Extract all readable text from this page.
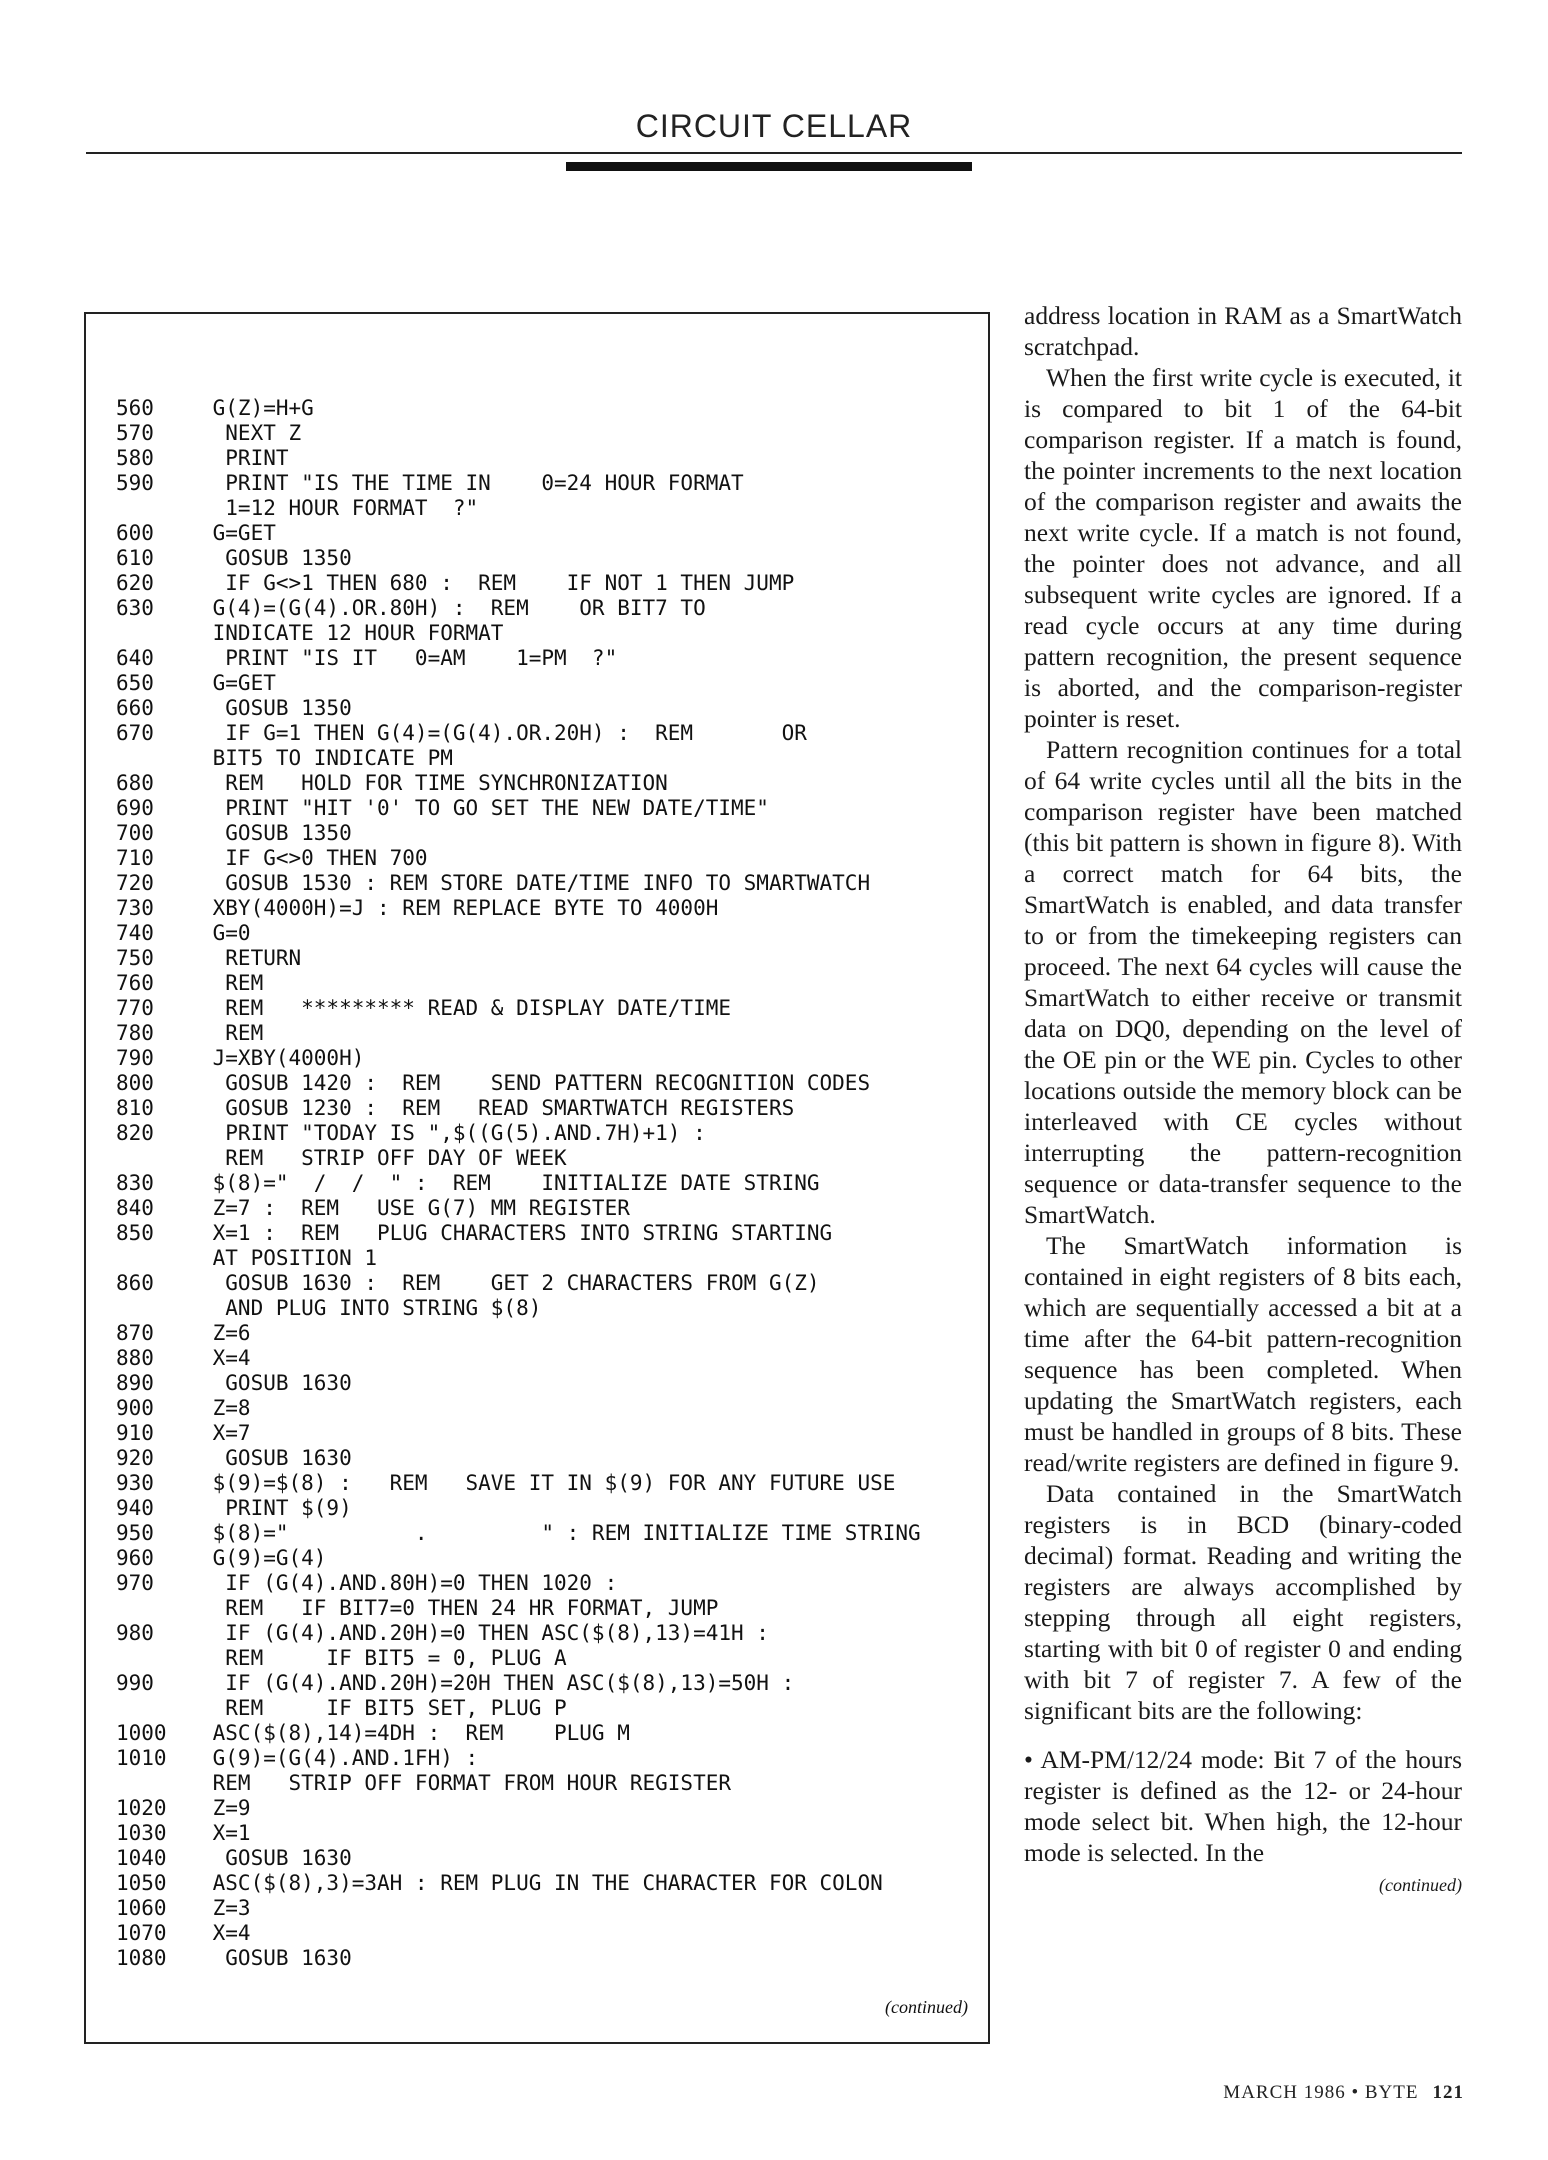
CIRCUIT CELLAR
560	G(Z)=H+G
570	NEXT Z
580	PRINT
590	PRINT "IS THE TIME IN    0=24 HOUR FORMAT
1=12 HOUR FORMAT  ?"
600	G=GET
610	GOSUB 1350
620	IF G<>1 THEN 680 :  REM    IF NOT 1 THEN JUMP
630	G(4)=(G(4).OR.80H) :  REM    OR BIT7 TO
INDICATE 12 HOUR FORMAT
640	PRINT "IS IT   0=AM    1=PM  ?"
650	G=GET
660	GOSUB 1350
670	IF G=1 THEN G(4)=(G(4).OR.20H) :  REM       OR
BIT5 TO INDICATE PM
680	REM   HOLD FOR TIME SYNCHRONIZATION
690	PRINT "HIT '0' TO GO SET THE NEW DATE/TIME"
700	GOSUB 1350
710	IF G<>0 THEN 700
720	GOSUB 1530 : REM STORE DATE/TIME INFO TO SMARTWATCH
730	XBY(4000H)=J : REM REPLACE BYTE TO 4000H
740	G=0
750	RETURN
760	REM
770	REM   ********* READ & DISPLAY DATE/TIME
780	REM
790	J=XBY(4000H)
800	GOSUB 1420 :  REM    SEND PATTERN RECOGNITION CODES
810	GOSUB 1230 :  REM   READ SMARTWATCH REGISTERS
820	PRINT "TODAY IS ",$((G(5).AND.7H)+1) :
REM   STRIP OFF DAY OF WEEK
830	$(8)="  /  /  " :  REM    INITIALIZE DATE STRING
840	Z=7 :  REM   USE G(7) MM REGISTER
850	X=1 :  REM   PLUG CHARACTERS INTO STRING STARTING
AT POSITION 1
860	GOSUB 1630 :  REM    GET 2 CHARACTERS FROM G(Z)
AND PLUG INTO STRING $(8)
870	Z=6
880	X=4
890	GOSUB 1630
900	Z=8
910	X=7
920	GOSUB 1630
930	$(9)=$(8) :   REM   SAVE IT IN $(9) FOR ANY FUTURE USE
940	PRINT $(9)
950	$(8)="          .         " : REM INITIALIZE TIME STRING
960	G(9)=G(4)
970	IF (G(4).AND.80H)=0 THEN 1020 :
REM   IF BIT7=0 THEN 24 HR FORMAT, JUMP
980	IF (G(4).AND.20H)=0 THEN ASC($(8),13)=41H :
REM     IF BIT5 = 0, PLUG A
990	IF (G(4).AND.20H)=20H THEN ASC($(8),13)=50H :
REM     IF BIT5 SET, PLUG P
1000	ASC($(8),14)=4DH :  REM    PLUG M
1010	G(9)=(G(4).AND.1FH) :
REM   STRIP OFF FORMAT FROM HOUR REGISTER
1020	Z=9
1030	X=1
1040	GOSUB 1630
1050	ASC($(8),3)=3AH : REM PLUG IN THE CHARACTER FOR COLON
1060	Z=3
1070	X=4
1080	GOSUB 1630
(continued)

address location in RAM as a SmartWatch scratchpad.

When the first write cycle is executed, it is compared to bit 1 of the 64-bit comparison register. If a match is found, the pointer increments to the next location of the comparison register and awaits the next write cycle. If a match is not found, the pointer does not advance, and all subsequent write cycles are ignored. If a read cycle occurs at any time during pattern recognition, the present sequence is aborted, and the comparison-register pointer is reset.

Pattern recognition continues for a total of 64 write cycles until all the bits in the comparison register have been matched (this bit pattern is shown in figure 8). With a correct match for 64 bits, the SmartWatch is enabled, and data transfer to or from the timekeeping registers can proceed. The next 64 cycles will cause the SmartWatch to either receive or transmit data on DQ0, depending on the level of the OE pin or the WE pin. Cycles to other locations outside the memory block can be interleaved with CE cycles without interrupting the pattern-recognition sequence or data-transfer sequence to the SmartWatch.

The SmartWatch information is contained in eight registers of 8 bits each, which are sequentially accessed a bit at a time after the 64-bit pattern-recognition sequence has been completed. When updating the SmartWatch registers, each must be handled in groups of 8 bits. These read/write registers are defined in figure 9.

Data contained in the SmartWatch registers is in BCD (binary-coded decimal) format. Reading and writing the registers are always accomplished by stepping through all eight registers, starting with bit 0 of register 0 and ending with bit 7 of register 7. A few of the significant bits are the following:

• AM-PM/12/24 mode: Bit 7 of the hours register is defined as the 12- or 24-hour mode select bit. When high, the 12-hour mode is selected. In the

(continued)
MARCH 1986 • BYTE 121
